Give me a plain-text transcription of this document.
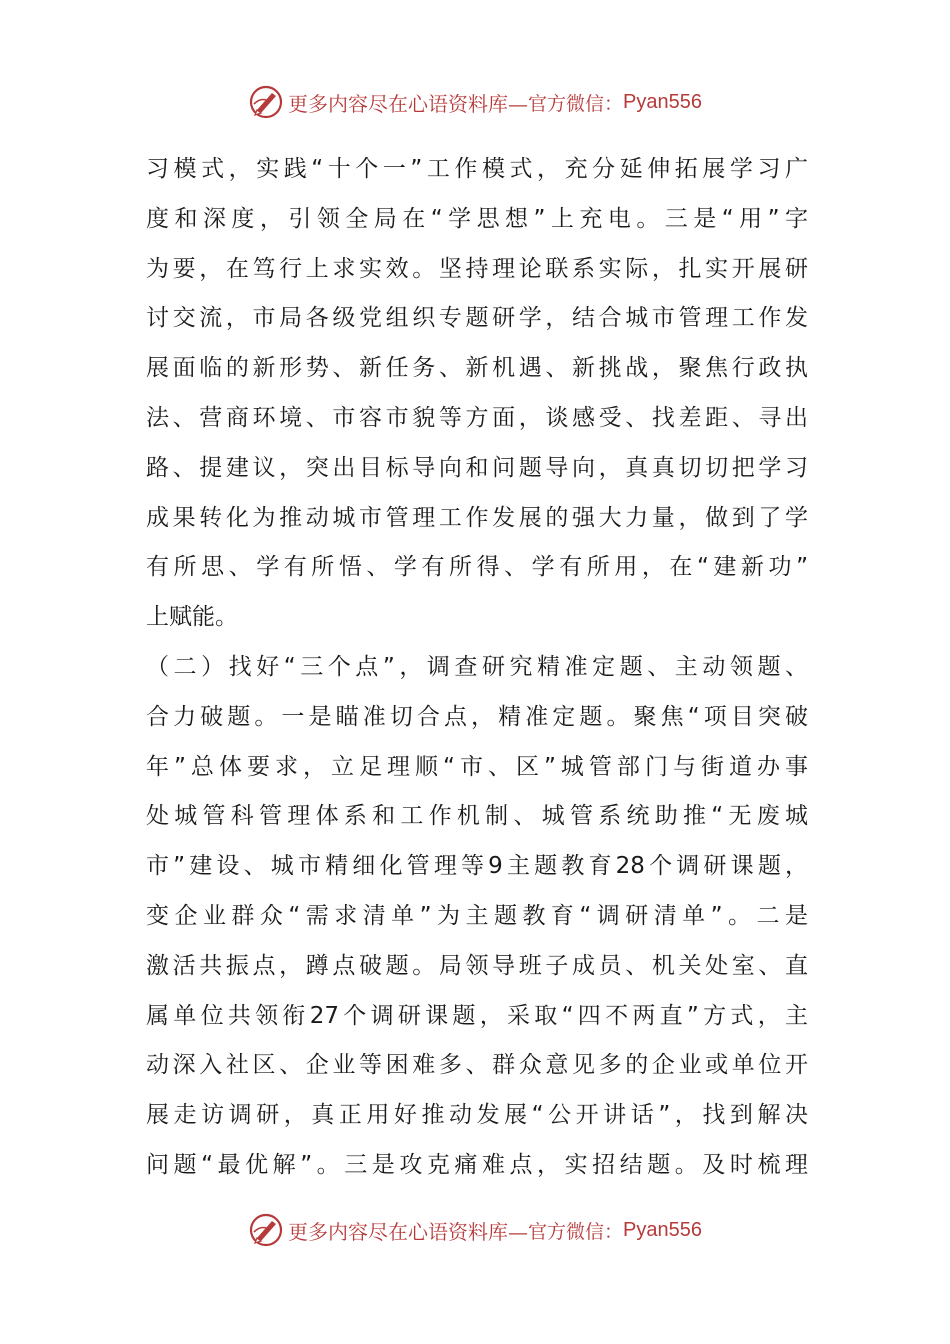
更多内容尽在心语资料库— 官方微信： Pyan556
习模式，实践“十个一”工作模式，充分延伸拓展学习广
度和深度，引领全局在“学思想”上充电。三是“用”字
为要，在笃行上求实效。坚持理论联系实际，扎实开展研
讨交流，市局各级党组织专题研学，结合城市管理工作发
展面临的新形势、新任务、新机遇、新挑战，聚焦行政执
法、营商环境、市容市貌等方面，谈感受、找差距、寻出
路、提建议，突出目标导向和问题导向，真真切切把学习
成果转化为推动城市管理工作发展的强大力量，做到了学
有所思、学有所悟、学有所得、学有所用，在“建新功”
上赋能。
（二）找好“三个点”，调查研究精准定题、主动领题、
合力破题。一是瞄准切合点，精准定题。聚焦“项目突破
年”总体要求，立足理顺“市、区”城管部门与街道办事
处城管科管理体系和工作机制、城管系统助推“无废城
市”建设、城市精细化管理等9主题教育28个调研课题，
变企业群众“需求清单”为主题教育“调研清单”。二是
激活共振点，蹲点破题。局领导班子成员、机关处室、直
属单位共领衔27个调研课题，采取“四不两直”方式，主
动深入社区、企业等困难多、群众意见多的企业或单位开
展走访调研，真正用好推动发展“公开讲话”，找到解决
问题“最优解”。三是攻克痛难点，实招结题。及时梳理
更多内容尽在心语资料库— 官方微信： Pyan556
